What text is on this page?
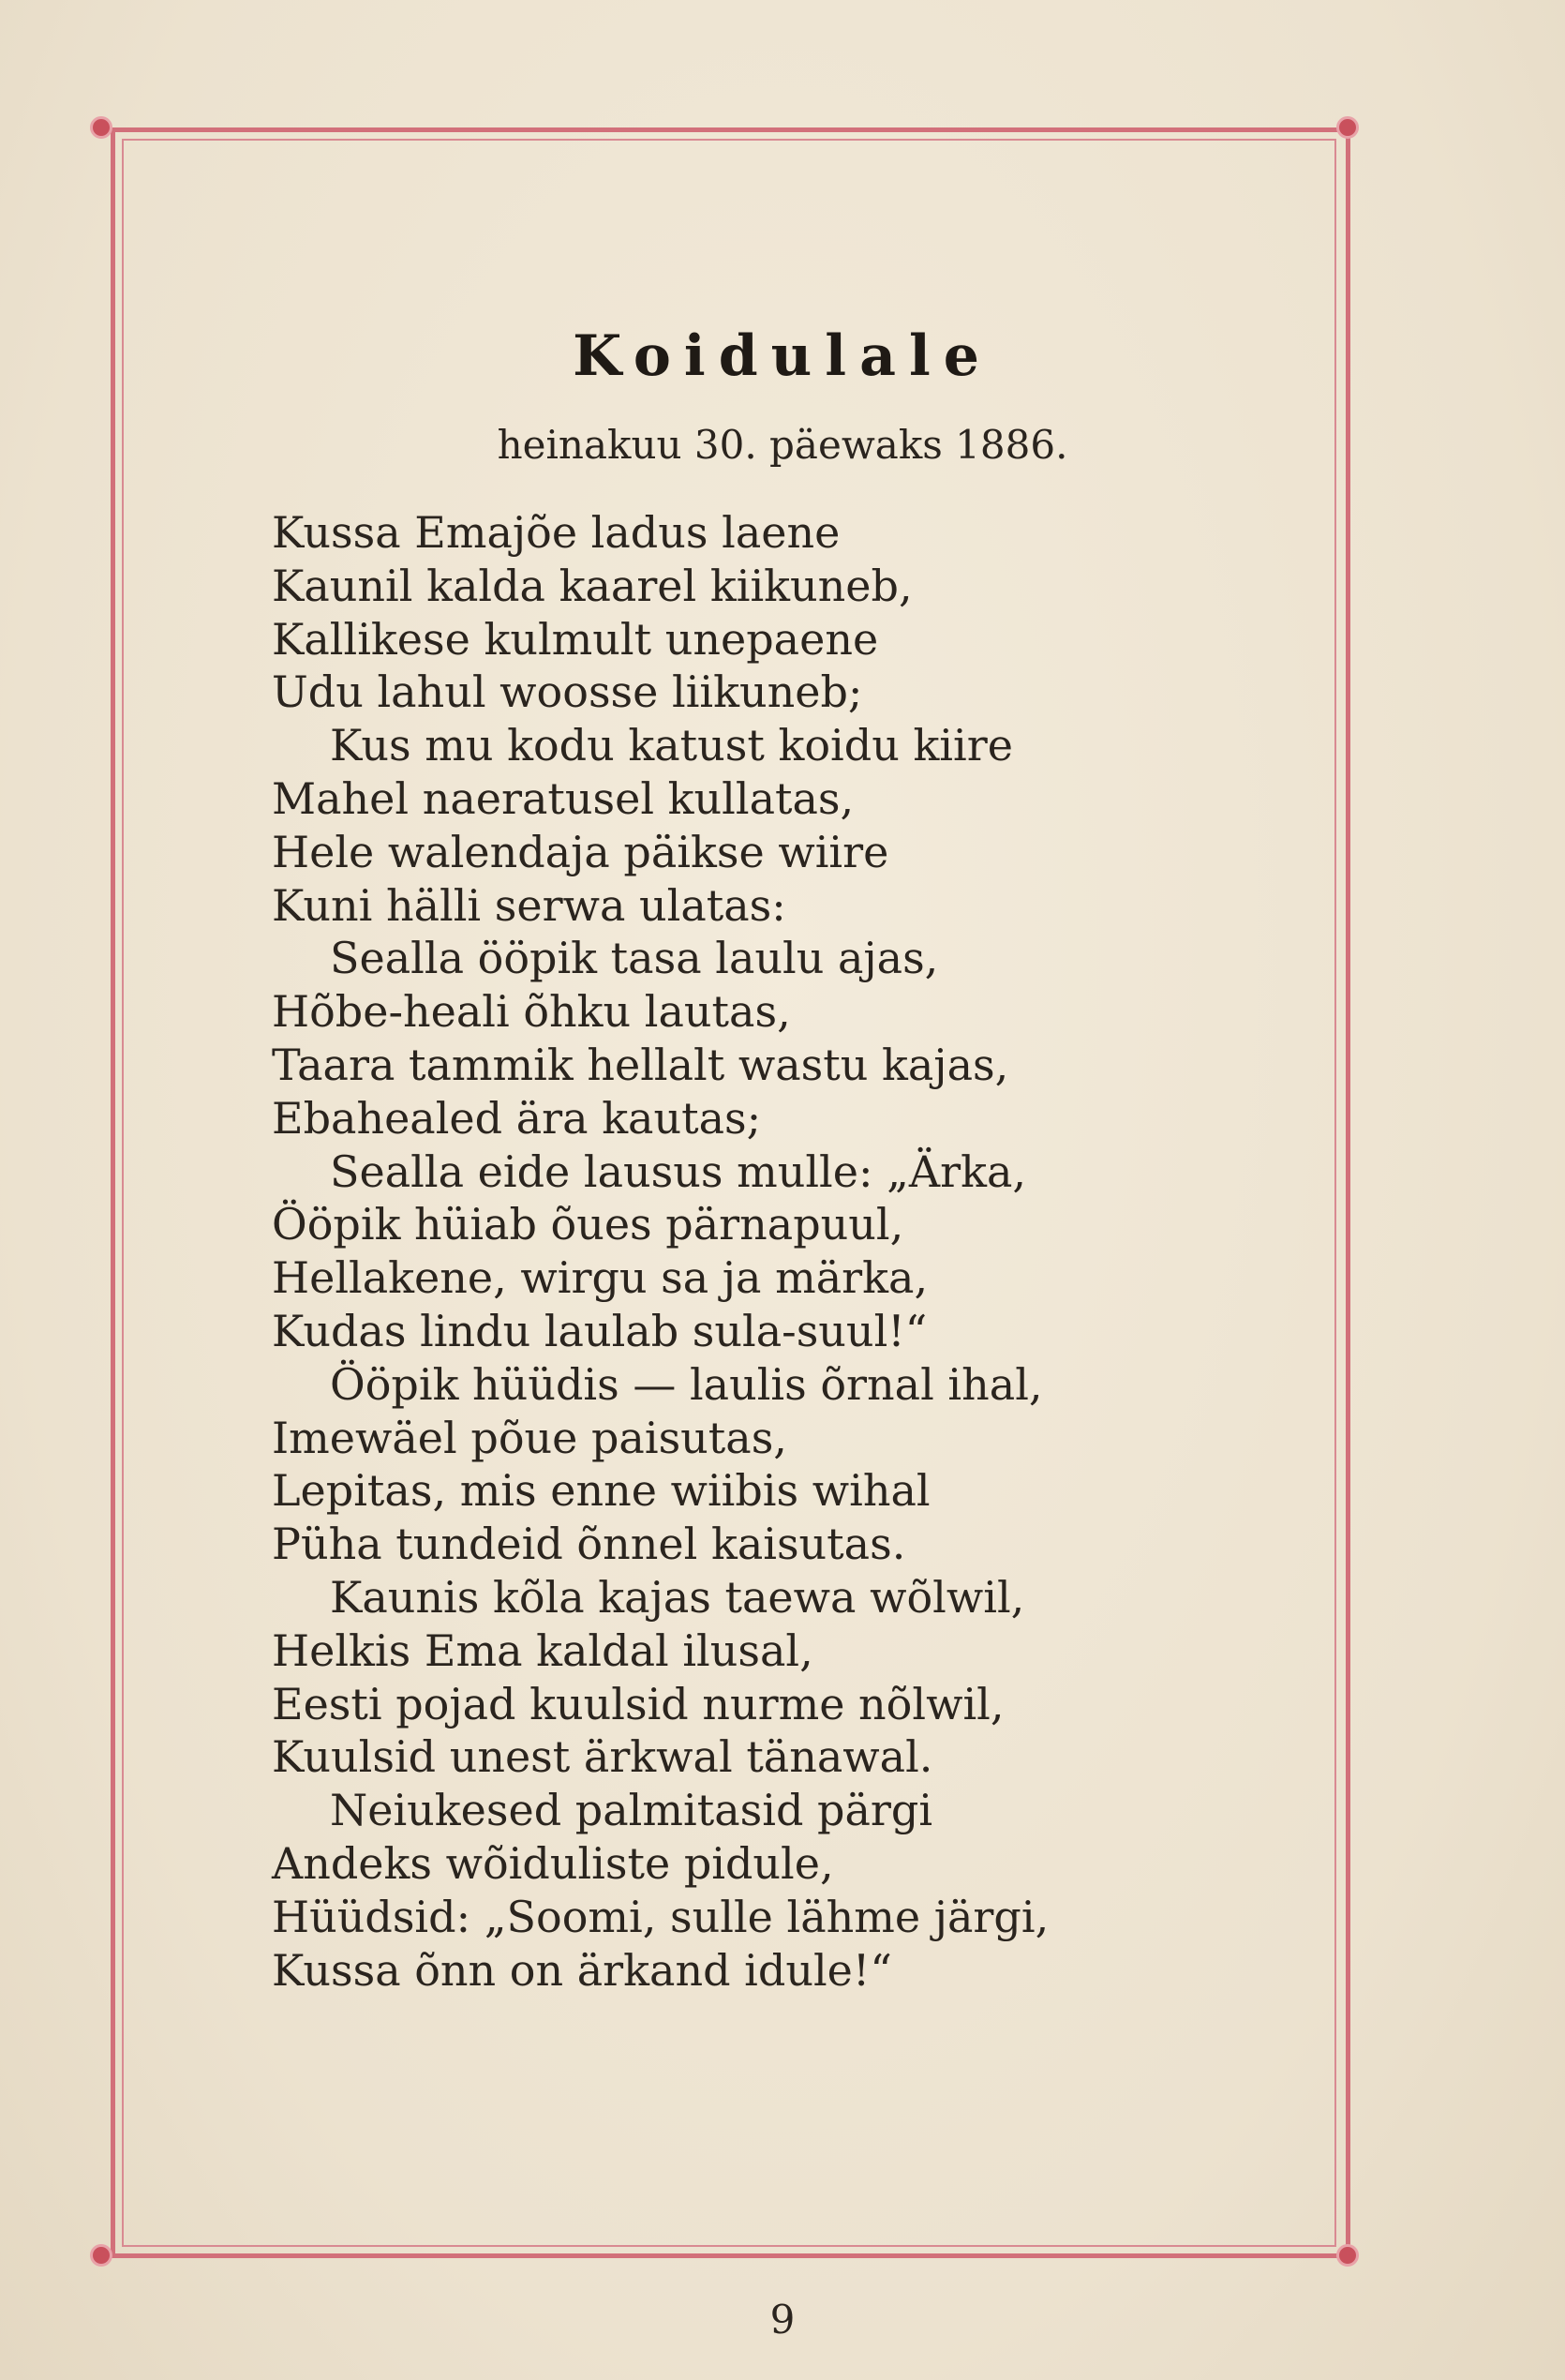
Koidulale
heinakuu 30. päewaks 1886.
Kussa Emajõe ladus laene
Kaunil kalda kaarel kiikuneb,
Kallikese kulmult unepaene
Udu lahul woosse liikuneb;
Kus mu kodu katust koidu kiire
Mahel naeratusel kullatas,
Hele walendaja päikse wiire
Kuni hälli serwa ulatas:
Sealla ööpik tasa laulu ajas,
Hõbe-heali õhku lautas,
Taara tammik hellalt wastu kajas,
Ebahealed ära kautas;
Sealla eide lausus mulle: „Ärka,
Ööpik hüiab õues pärnapuul,
Hellakene, wirgu sa ja märka,
Kudas lindu laulab sula-suul!“
Ööpik hüüdis — laulis õrnal ihal,
Imewäel põue paisutas,
Lepitas, mis enne wiibis wihal
Püha tundeid õnnel kaisutas.
Kaunis kõla kajas taewa wõlwil,
Helkis Ema kaldal ilusal,
Eesti pojad kuulsid nurme nõlwil,
Kuulsid unest ärkwal tänawal.
Neiukesed palmitasid pärgi
Andeks wõiduliste pidule,
Hüüdsid: „Soomi, sulle lähme järgi,
Kussa õnn on ärkand idule!“
9
